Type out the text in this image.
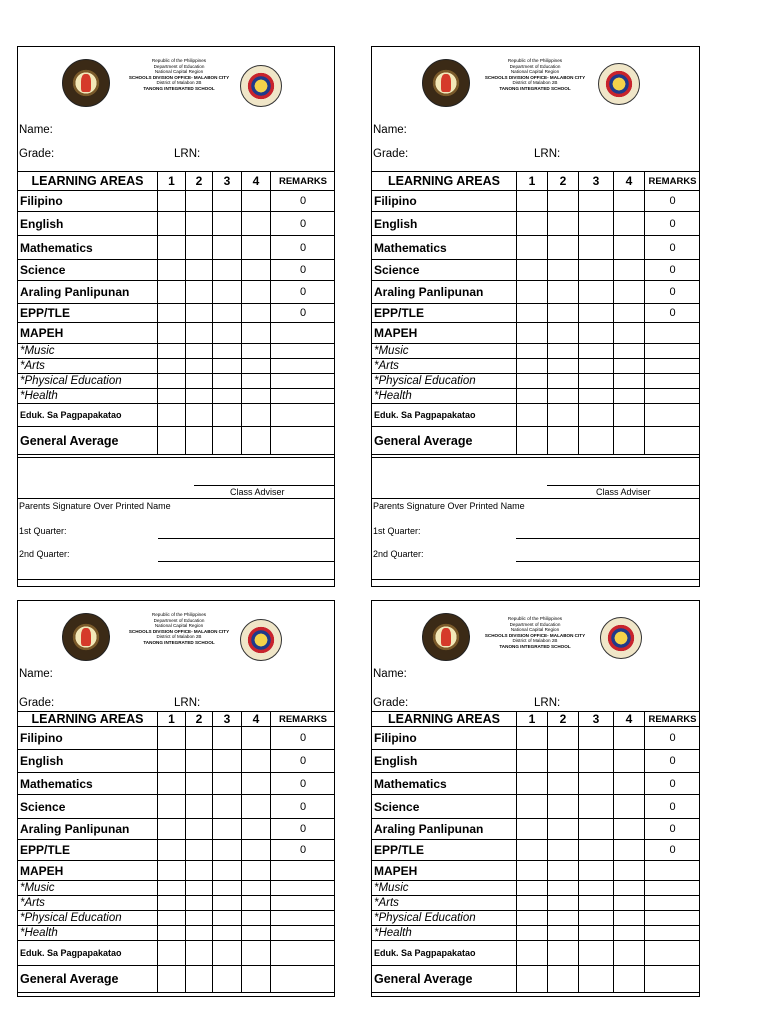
Republic of the Philippines
Department of Education
National Capital Region
SCHOOLS DIVISION OFFICE- MALABON CITY
District of Malabon 2B
TANONG INTEGRATED SCHOOL
Name:
Grade:	LRN:
LEARNING AREAS	1	2	3	4	REMARKS
Filipino					0
English					0
Mathematics					0
Science					0
Araling Panlipunan					0
EPP/TLE					0
MAPEH					
*Music					
*Arts					
*Physical Education					
*Health					
Eduk. Sa Pagpapakatao					
General Average					
Class Adviser
Parents Signature Over Printed Name
1st Quarter:
2nd Quarter:
Republic of the Philippines
Department of Education
National Capital Region
SCHOOLS DIVISION OFFICE- MALABON CITY
District of Malabon 2B
TANONG INTEGRATED SCHOOL
Name:
Grade:	LRN:
LEARNING AREAS	1	2	3	4	REMARKS
Filipino					0
English					0
Mathematics					0
Science					0
Araling Panlipunan					0
EPP/TLE					0
MAPEH					
*Music					
*Arts					
*Physical Education					
*Health					
Eduk. Sa Pagpapakatao					
General Average					
Class Adviser
Parents Signature Over Printed Name
1st Quarter:
2nd Quarter:
Republic of the Philippines
Department of Education
National Capital Region
SCHOOLS DIVISION OFFICE- MALABON CITY
District of Malabon 2B
TANONG INTEGRATED SCHOOL
Name:
Grade:	LRN:
LEARNING AREAS	1	2	3	4	REMARKS
Filipino					0
English					0
Mathematics					0
Science					0
Araling Panlipunan					0
EPP/TLE					0
MAPEH					
*Music					
*Arts					
*Physical Education					
*Health					
Eduk. Sa Pagpapakatao					
General Average					
Republic of the Philippines
Department of Education
National Capital Region
SCHOOLS DIVISION OFFICE- MALABON CITY
District of Malabon 2B
TANONG INTEGRATED SCHOOL
Name:
Grade:	LRN:
LEARNING AREAS	1	2	3	4	REMARKS
Filipino					0
English					0
Mathematics					0
Science					0
Araling Panlipunan					0
EPP/TLE					0
MAPEH					
*Music					
*Arts					
*Physical Education					
*Health					
Eduk. Sa Pagpapakatao					
General Average					
